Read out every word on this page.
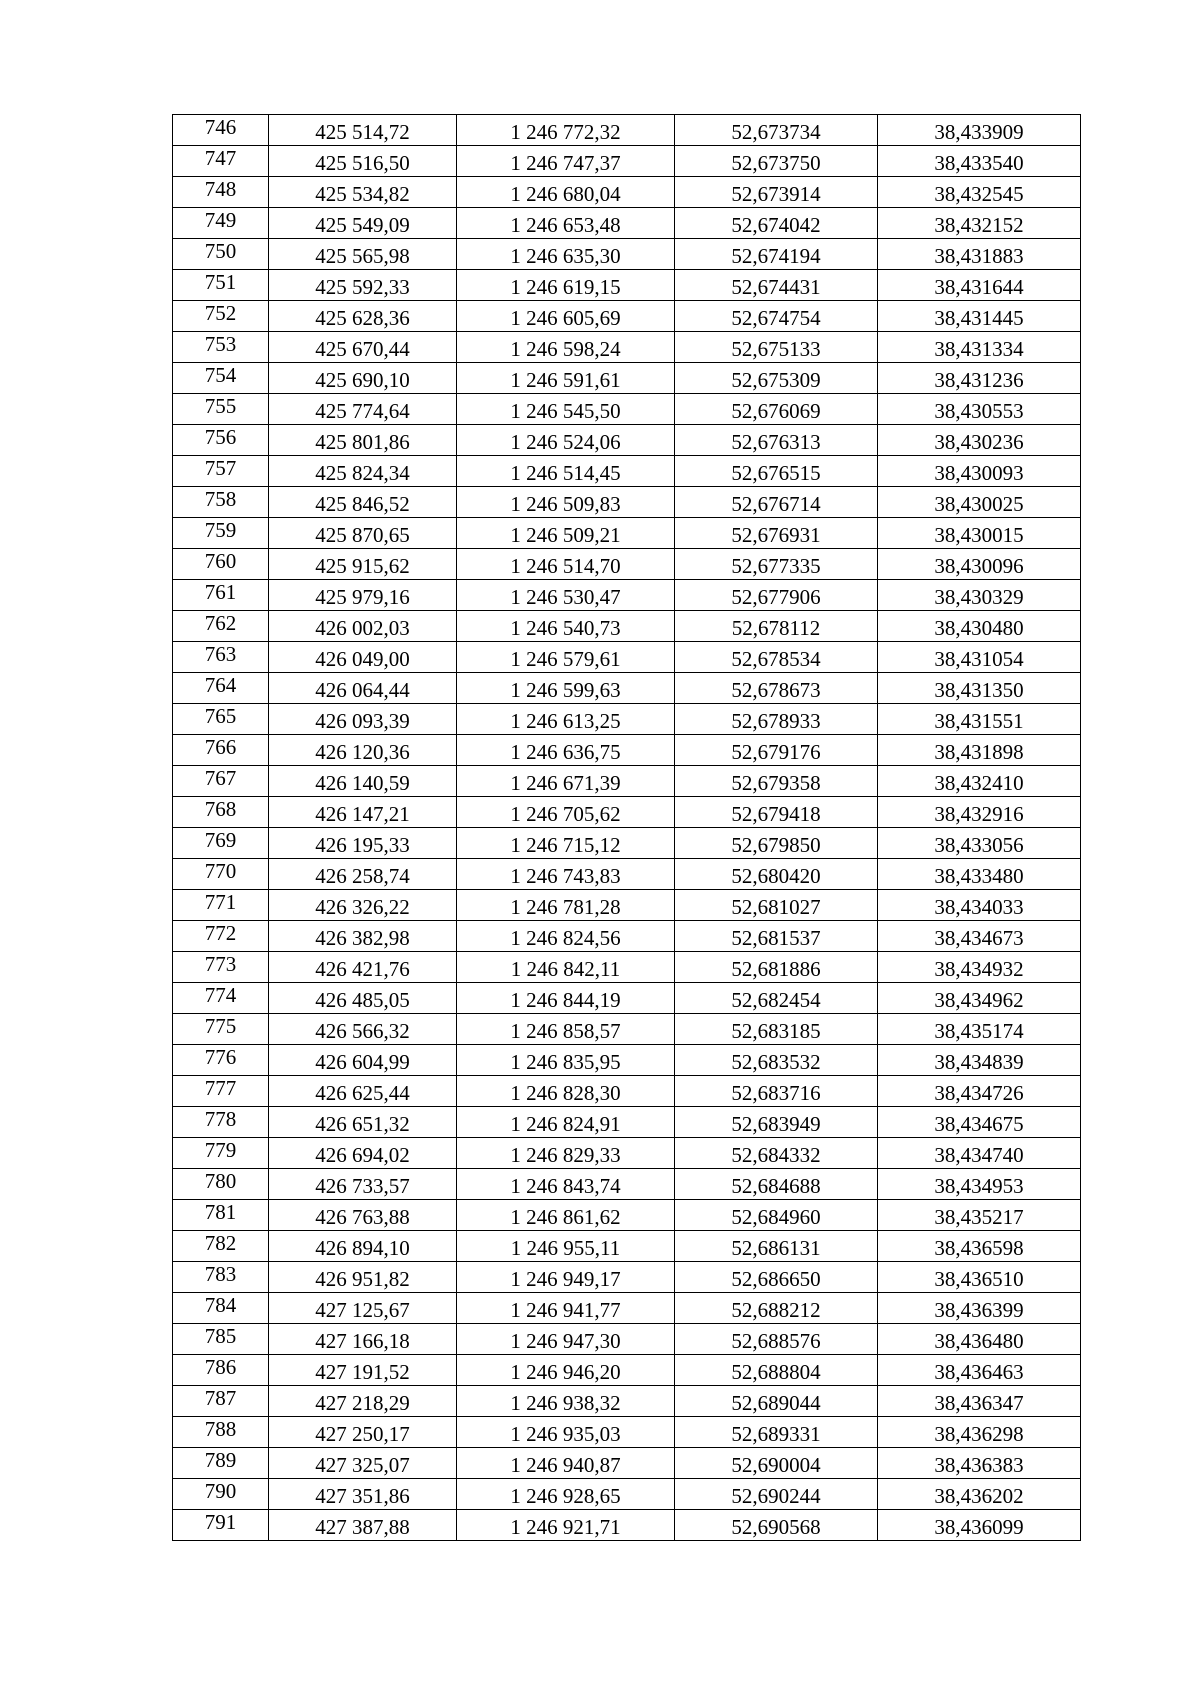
746	425 514,72	1 246 772,32	52,673734	38,433909
747	425 516,50	1 246 747,37	52,673750	38,433540
748	425 534,82	1 246 680,04	52,673914	38,432545
749	425 549,09	1 246 653,48	52,674042	38,432152
750	425 565,98	1 246 635,30	52,674194	38,431883
751	425 592,33	1 246 619,15	52,674431	38,431644
752	425 628,36	1 246 605,69	52,674754	38,431445
753	425 670,44	1 246 598,24	52,675133	38,431334
754	425 690,10	1 246 591,61	52,675309	38,431236
755	425 774,64	1 246 545,50	52,676069	38,430553
756	425 801,86	1 246 524,06	52,676313	38,430236
757	425 824,34	1 246 514,45	52,676515	38,430093
758	425 846,52	1 246 509,83	52,676714	38,430025
759	425 870,65	1 246 509,21	52,676931	38,430015
760	425 915,62	1 246 514,70	52,677335	38,430096
761	425 979,16	1 246 530,47	52,677906	38,430329
762	426 002,03	1 246 540,73	52,678112	38,430480
763	426 049,00	1 246 579,61	52,678534	38,431054
764	426 064,44	1 246 599,63	52,678673	38,431350
765	426 093,39	1 246 613,25	52,678933	38,431551
766	426 120,36	1 246 636,75	52,679176	38,431898
767	426 140,59	1 246 671,39	52,679358	38,432410
768	426 147,21	1 246 705,62	52,679418	38,432916
769	426 195,33	1 246 715,12	52,679850	38,433056
770	426 258,74	1 246 743,83	52,680420	38,433480
771	426 326,22	1 246 781,28	52,681027	38,434033
772	426 382,98	1 246 824,56	52,681537	38,434673
773	426 421,76	1 246 842,11	52,681886	38,434932
774	426 485,05	1 246 844,19	52,682454	38,434962
775	426 566,32	1 246 858,57	52,683185	38,435174
776	426 604,99	1 246 835,95	52,683532	38,434839
777	426 625,44	1 246 828,30	52,683716	38,434726
778	426 651,32	1 246 824,91	52,683949	38,434675
779	426 694,02	1 246 829,33	52,684332	38,434740
780	426 733,57	1 246 843,74	52,684688	38,434953
781	426 763,88	1 246 861,62	52,684960	38,435217
782	426 894,10	1 246 955,11	52,686131	38,436598
783	426 951,82	1 246 949,17	52,686650	38,436510
784	427 125,67	1 246 941,77	52,688212	38,436399
785	427 166,18	1 246 947,30	52,688576	38,436480
786	427 191,52	1 246 946,20	52,688804	38,436463
787	427 218,29	1 246 938,32	52,689044	38,436347
788	427 250,17	1 246 935,03	52,689331	38,436298
789	427 325,07	1 246 940,87	52,690004	38,436383
790	427 351,86	1 246 928,65	52,690244	38,436202
791	427 387,88	1 246 921,71	52,690568	38,436099
